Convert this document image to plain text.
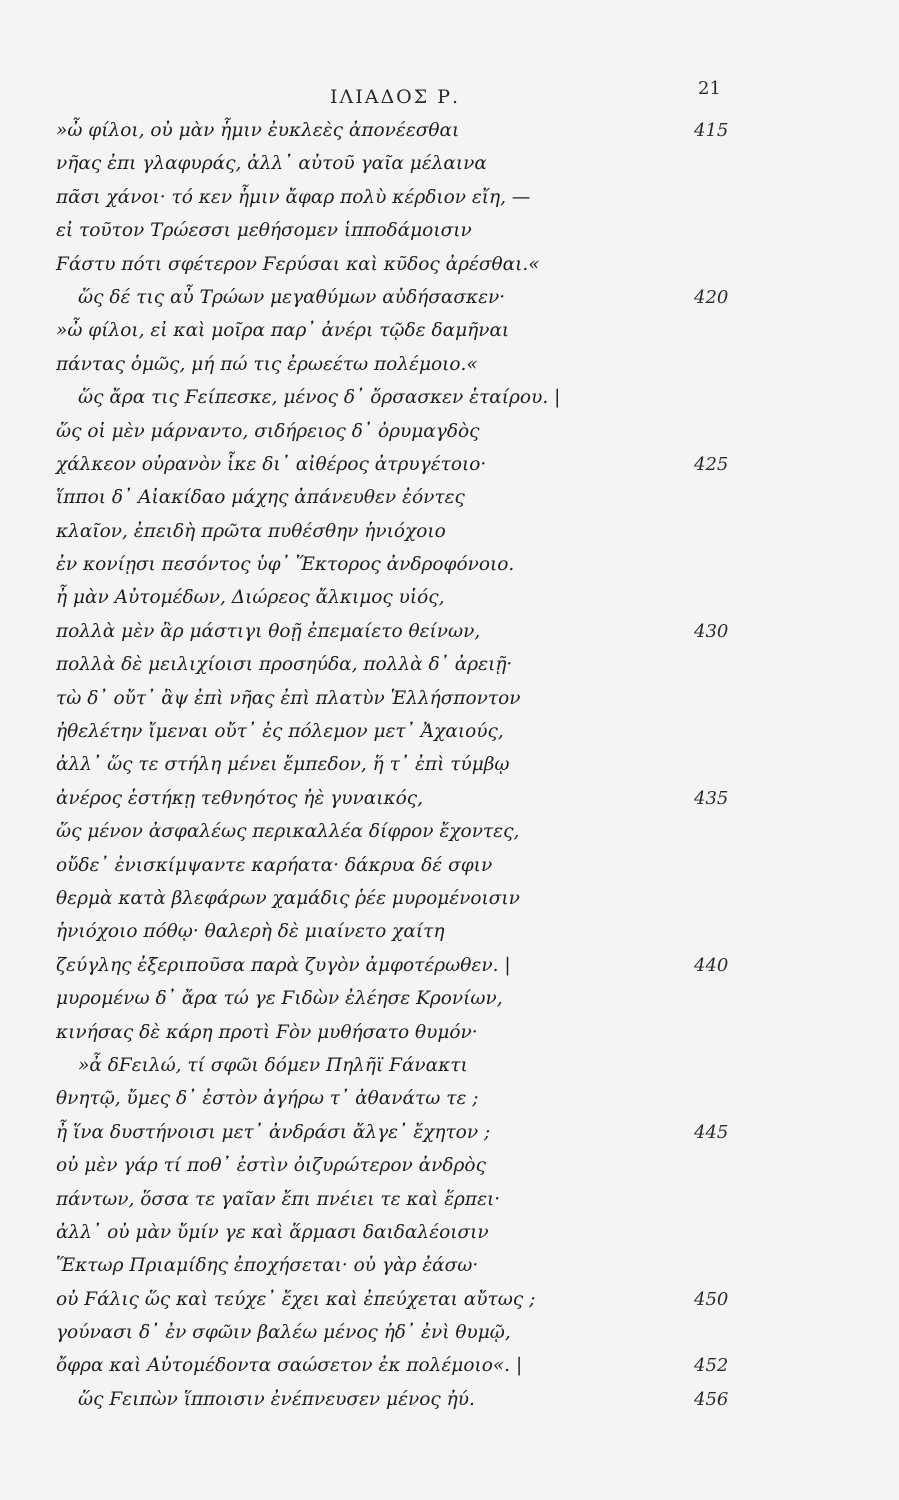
ΙΛΙΑΔΟΣ Ρ.	21
»ὦ φίλοι, οὐ μὰν ἧμιν ἐυκλεὲς ἀπονέεσθαι	415
νῆας ἐπι γλαφυράς, ἀλλ᾽ αὐτοῦ γαῖα μέλαινα
πᾶσι χάνοι· τό κεν ἧμιν ἄφαρ πολὺ κέρδιον εἴη, —
εἰ τοῦτον Τρώεσσι μεθήσομεν ἱπποδάμοισιν
Ϝάστυ πότι σφέτερον Ϝερύσαι καὶ κῦδος ἀρέσθαι.«
ὥς δέ τις αὖ Τρώων μεγαθύμων αὐδήσασκεν·	420
»ὦ φίλοι, εἰ καὶ μοῖρα παρ᾽ ἀνέρι τῷδε δαμῆναι
πάντας ὁμῶς, μή πώ τις ἐρωεέτω πολέμοιο.«
ὥς ἄρα τις Ϝείπεσκε, μένος δ᾽ ὄρσασκεν ἑταίρου. |
ὥς οἱ μὲν μάρναντο, σιδήρειος δ᾽ ὀρυμαγδὸς
χάλκεον οὐρανὸν ἷκε δι᾽ αἰθέρος ἀτρυγέτοιο·	425
ἵπποι δ᾽ Αἰακίδαο μάχης ἀπάνευθεν ἐόντες
κλαῖον, ἐπειδὴ πρῶτα πυθέσθην ἡνιόχοιο
ἐν κονίῃσι πεσόντος ὑφ᾽ Ἕκτορος ἀνδροφόνοιο.
ἦ μὰν Αὐτομέδων, Διώρεος ἄλκιμος υἱός,
πολλὰ μὲν ἂρ μάστιγι θοῇ ἐπεμαίετο θείνων,	430
πολλὰ δὲ μειλιχίοισι προσηύδα, πολλὰ δ᾽ ἀρειῇ·
τὼ δ᾽ οὔτ᾽ ἂψ ἐπὶ νῆας ἐπὶ πλατὺν Ἑλλήσποντον
ἠθελέτην ἴμεναι οὔτ᾽ ἐς πόλεμον μετ᾽ Ἀχαιούς,
ἀλλ᾽ ὥς τε στήλη μένει ἔμπεδον, ἥ τ᾽ ἐπὶ τύμβῳ
ἀνέρος ἑστήκῃ τεθνηότος ἠὲ γυναικός,	435
ὥς μένον ἀσφαλέως περικαλλέα δίφρον ἔχοντες,
οὔδε᾽ ἐνισκίμψαντε καρήατα· δάκρυα δέ σφιν
θερμὰ κατὰ βλεφάρων χαμάδις ῥέε μυρομένοισιν
ἡνιόχοιο πόθῳ· θαλερὴ δὲ μιαίνετο χαίτη
ζεύγλης ἐξεριποῦσα παρὰ ζυγὸν ἀμφοτέρωθεν. |	440
μυρομένω δ᾽ ἄρα τώ γε Ϝιδὼν ἐλέησε Κρονίων,
κινήσας δὲ κάρη προτὶ Ϝὸν μυθήσατο θυμόν·
»ἆ δϜειλώ, τί σφῶι δόμεν Πηλῆϊ Ϝάνακτι
θνητῷ, ὔμες δ᾽ ἐστὸν ἀγήρω τ᾽ ἀθανάτω τε ;
ἦ ἵνα δυστήνοισι μετ᾽ ἀνδράσι ἄλγε᾽ ἔχητον ;	445
οὐ μὲν γάρ τί ποθ᾽ ἐστὶν ὀιζυρώτερον ἀνδρὸς
πάντων, ὅσσα τε γαῖαν ἔπι πνέιει τε καὶ ἕρπει·
ἀλλ᾽ οὐ μὰν ὔμίν γε καὶ ἅρμασι δαιδαλέοισιν
Ἕκτωρ Πριαμίδης ἐποχήσεται· οὐ γὰρ ἐάσω·
οὐ Ϝάλις ὥς καὶ τεύχε᾽ ἔχει καὶ ἐπεύχεται αὔτως ;	450
γούνασι δ᾽ ἐν σφῶιν βαλέω μένος ἠδ᾽ ἐνὶ θυμῷ,
ὄφρα καὶ Αὐτομέδοντα σαώσετον ἐκ πολέμοιο«. |	452
ὥς Ϝειπὼν ἵπποισιν ἐνέπνευσεν μένος ἠύ.	456
